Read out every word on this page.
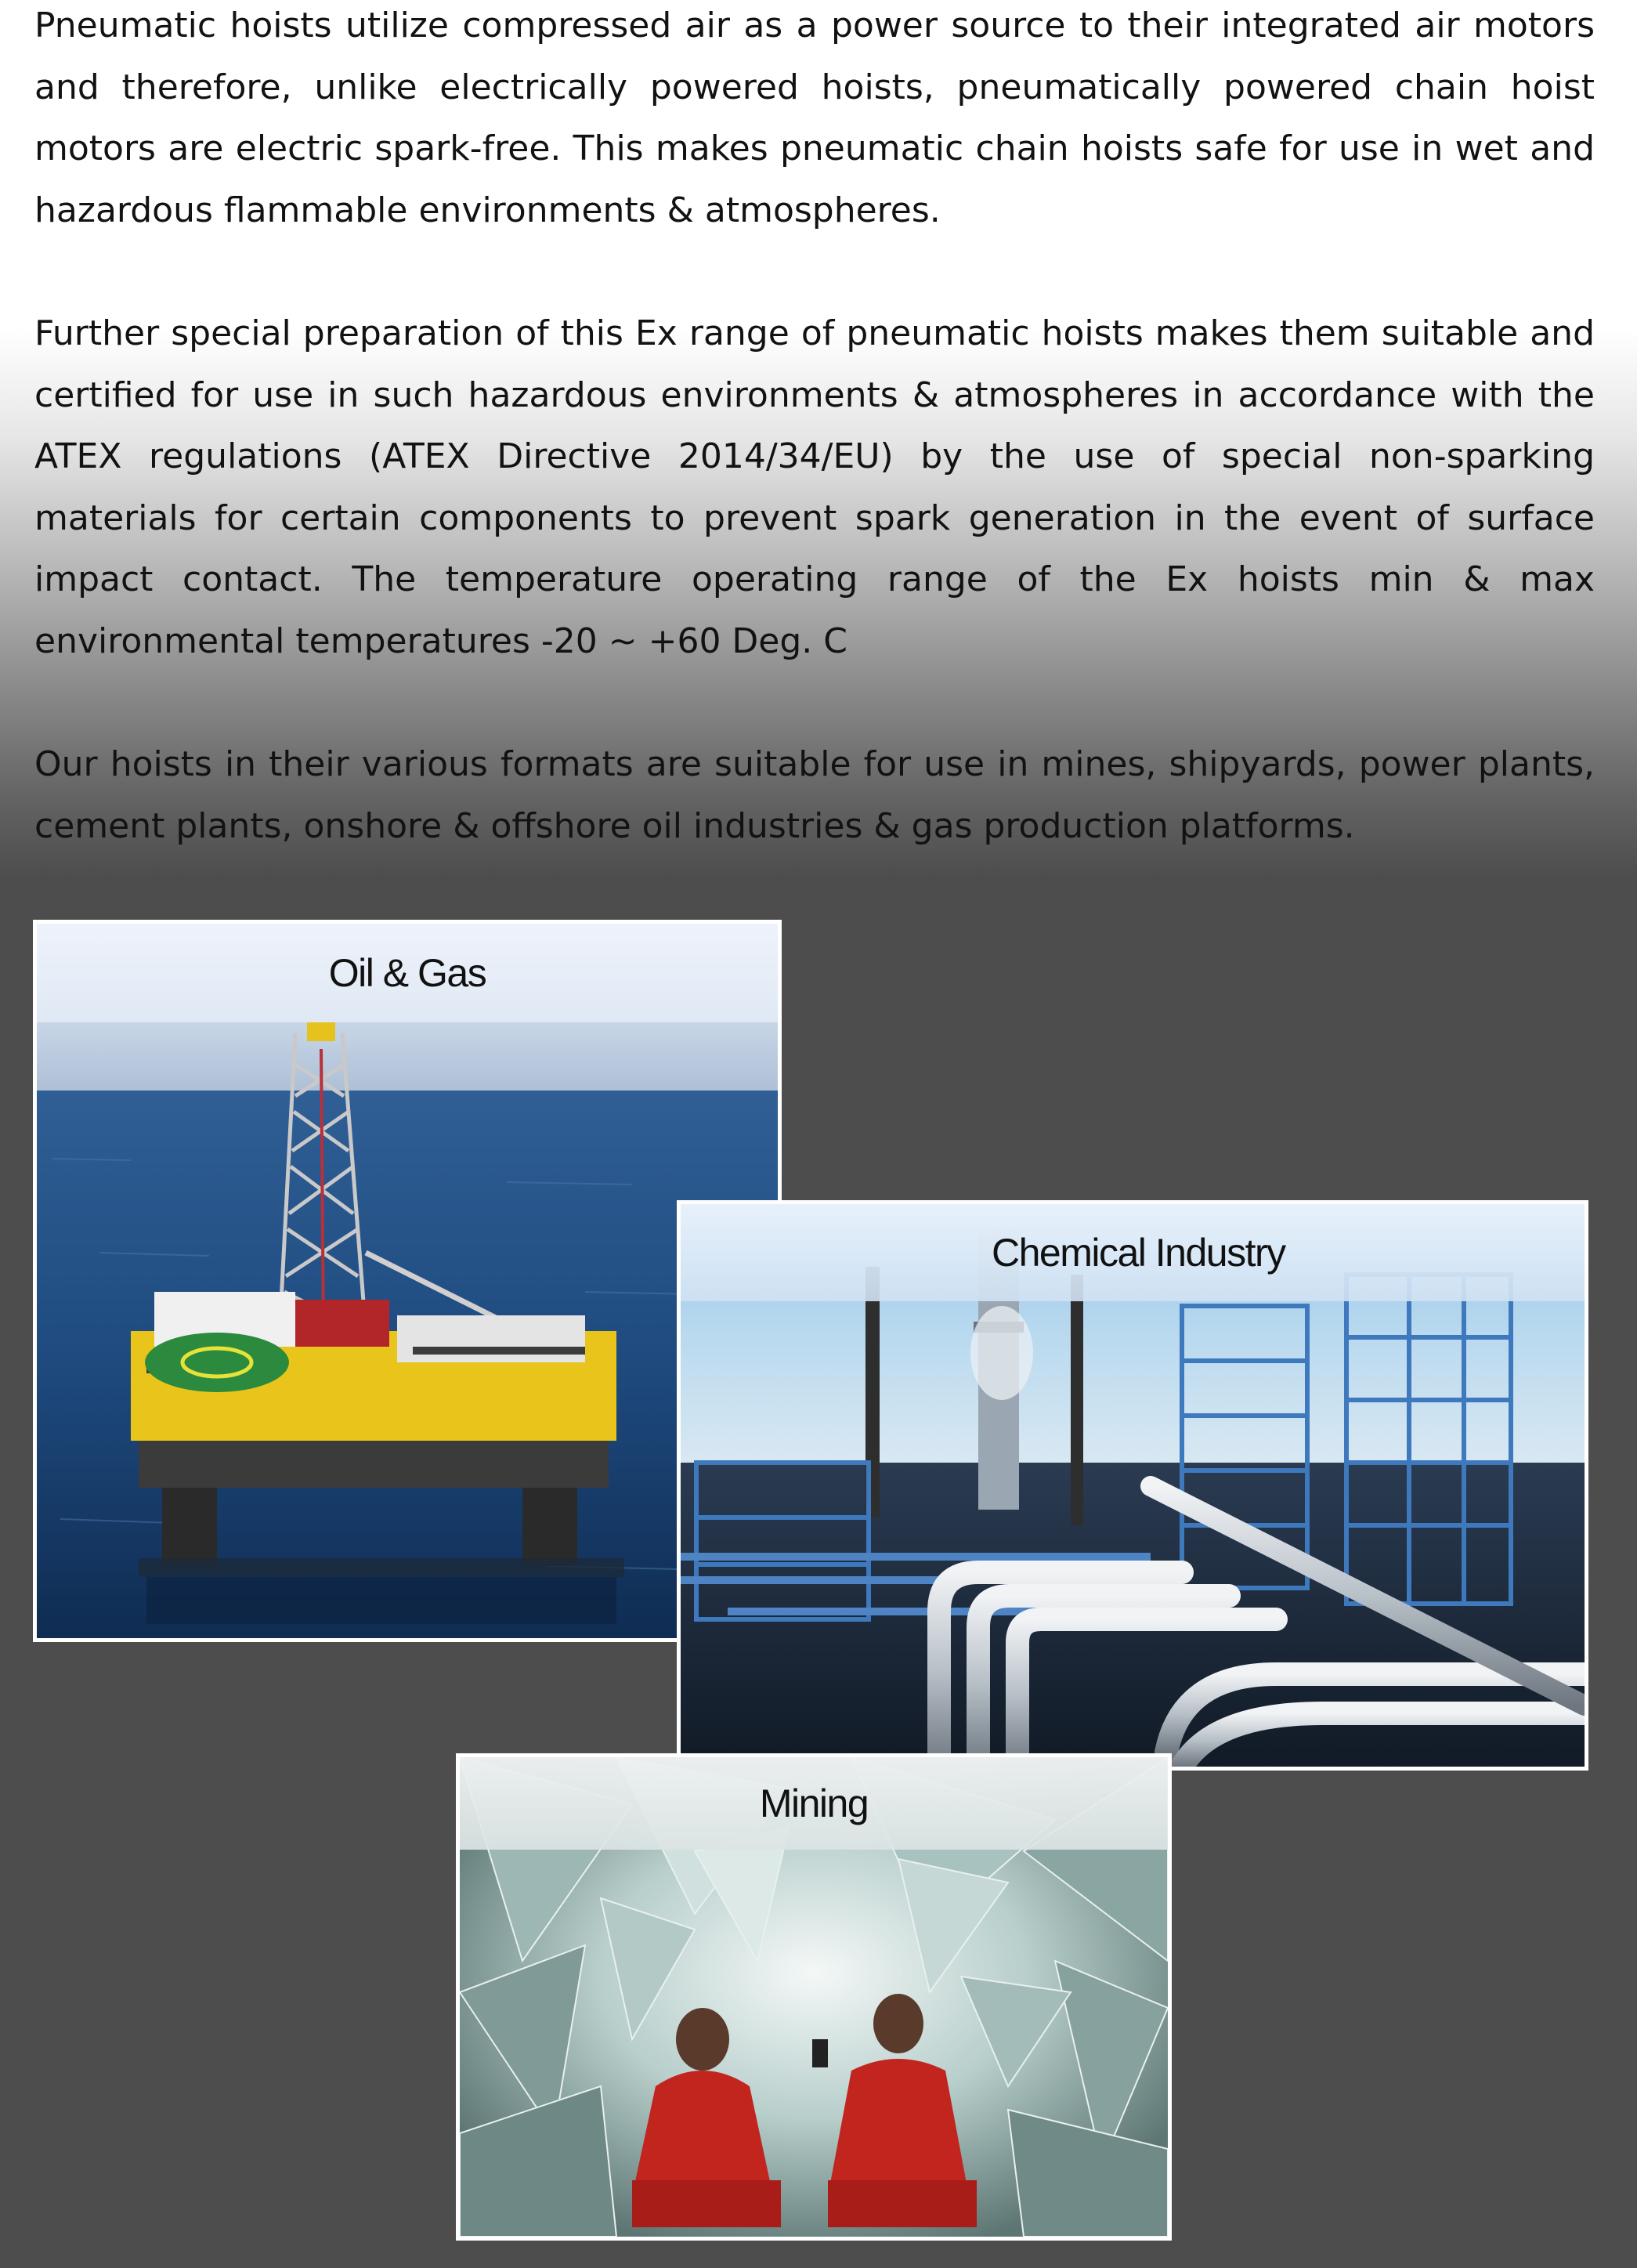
Pneumatic hoists utilize compressed air as a power source to their integrated air motors and therefore, unlike electrically powered hoists, pneumatically powered chain hoist motors are electric spark-free. This makes pneumatic chain hoists safe for use in wet and hazardous flammable environments & atmospheres.

Further special preparation of this Ex range of pneumatic hoists makes them suitable and certified for use in such hazardous environments & atmospheres in accordance with the ATEX regulations (ATEX Directive 2014/34/EU) by the use of special non-sparking materials for certain components to prevent spark generation in the event of surface impact contact. The temperature operating range of the Ex hoists min & max environmental temperatures -20 ~ +60 Deg. C

Our hoists in their various formats are suitable for use in mines, shipyards, power plants, cement plants, onshore & offshore oil industries & gas production platforms.

Oil & Gas
Chemical Industry
Mining
